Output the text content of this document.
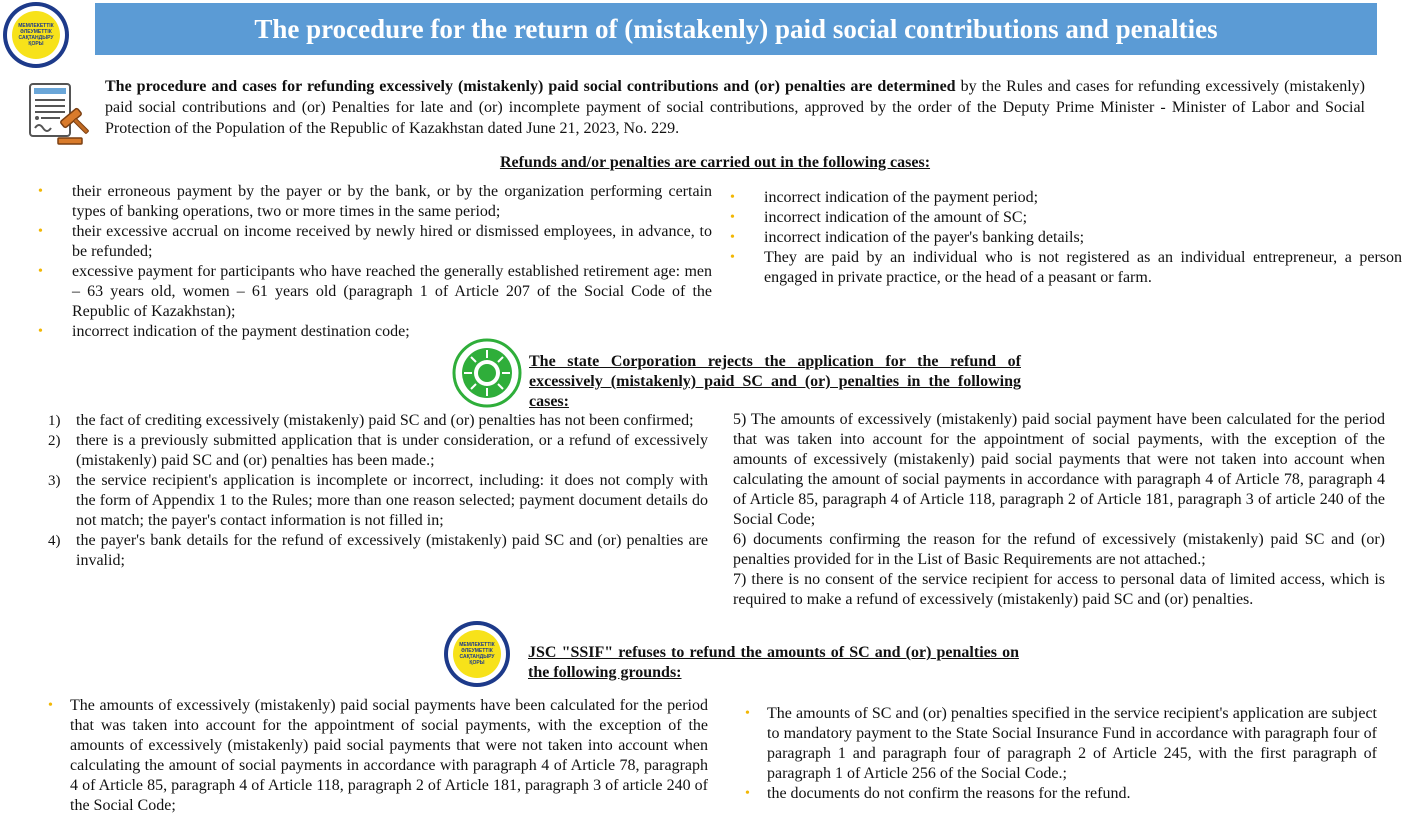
МЕМЛЕКЕТТІК ӘЛЕУМЕТТІК САҚТАНДЫРУ ҚОРЫ
The procedure for the return of (mistakenly) paid social contributions and penalties
The procedure and cases for refunding excessively (mistakenly) paid social contributions and (or) penalties are determined by the Rules and cases for refunding excessively (mistakenly) paid social contributions and (or) Penalties for late and (or) incomplete payment of social contributions, approved by the order of the Deputy Prime Minister - Minister of Labor and Social Protection of the Population of the Republic of Kazakhstan dated June 21, 2023, No. 229.
Refunds and/or penalties are carried out in the following cases:
• their erroneous payment by the payer or by the bank, or by the organization performing certain types of banking operations, two or more times in the same period;
• their excessive accrual on income received by newly hired or dismissed employees, in advance, to be refunded;
• excessive payment for participants who have reached the generally established retirement age: men – 63 years old, women – 61 years old (paragraph 1 of Article 207 of the Social Code of the Republic of Kazakhstan);
• incorrect indication of the payment destination code;
• incorrect indication of the payment period;
• incorrect indication of the amount of SC;
• incorrect indication of the payer's banking details;
• They are paid by an individual who is not registered as an individual entrepreneur, a person engaged in private practice, or the head of a peasant or farm.
The state Corporation rejects the application for the refund of excessively (mistakenly) paid SC and (or) penalties in the following cases:
1) the fact of crediting excessively (mistakenly) paid SC and (or) penalties has not been confirmed;
2) there is a previously submitted application that is under consideration, or a refund of excessively (mistakenly) paid SC and (or) penalties has been made.;
3) the service recipient's application is incomplete or incorrect, including: it does not comply with the form of Appendix 1 to the Rules; more than one reason selected; payment document details do not match; the payer's contact information is not filled in;
4) the payer's bank details for the refund of excessively (mistakenly) paid SC and (or) penalties are invalid;
5) The amounts of excessively (mistakenly) paid social payment have been calculated for the period that was taken into account for the appointment of social payments, with the exception of the amounts of excessively (mistakenly) paid social payments that were not taken into account when calculating the amount of social payments in accordance with paragraph 4 of Article 78, paragraph 4 of Article 85, paragraph 4 of Article 118, paragraph 2 of Article 181, paragraph 3 of article 240 of the Social Code;
6) documents confirming the reason for the refund of excessively (mistakenly) paid SC and (or) penalties provided for in the List of Basic Requirements are not attached.;
7) there is no consent of the service recipient for access to personal data of limited access, which is required to make a refund of excessively (mistakenly) paid SC and (or) penalties.
МЕМЛЕКЕТТІК ӘЛЕУМЕТТІК САҚТАНДЫРУ ҚОРЫ
JSC "SSIF" refuses to refund the amounts of SC and (or) penalties on the following grounds:
• The amounts of excessively (mistakenly) paid social payments have been calculated for the period that was taken into account for the appointment of social payments, with the exception of the amounts of excessively (mistakenly) paid social payments that were not taken into account when calculating the amount of social payments in accordance with paragraph 4 of Article 78, paragraph 4 of Article 85, paragraph 4 of Article 118, paragraph 2 of Article 181, paragraph 3 of article 240 of the Social Code;
• The amounts of SC and (or) penalties specified in the service recipient's application are subject to mandatory payment to the State Social Insurance Fund in accordance with paragraph four of paragraph 1 and paragraph four of paragraph 2 of Article 245, with the first paragraph of paragraph 1 of Article 256 of the Social Code.;
• the documents do not confirm the reasons for the refund.
